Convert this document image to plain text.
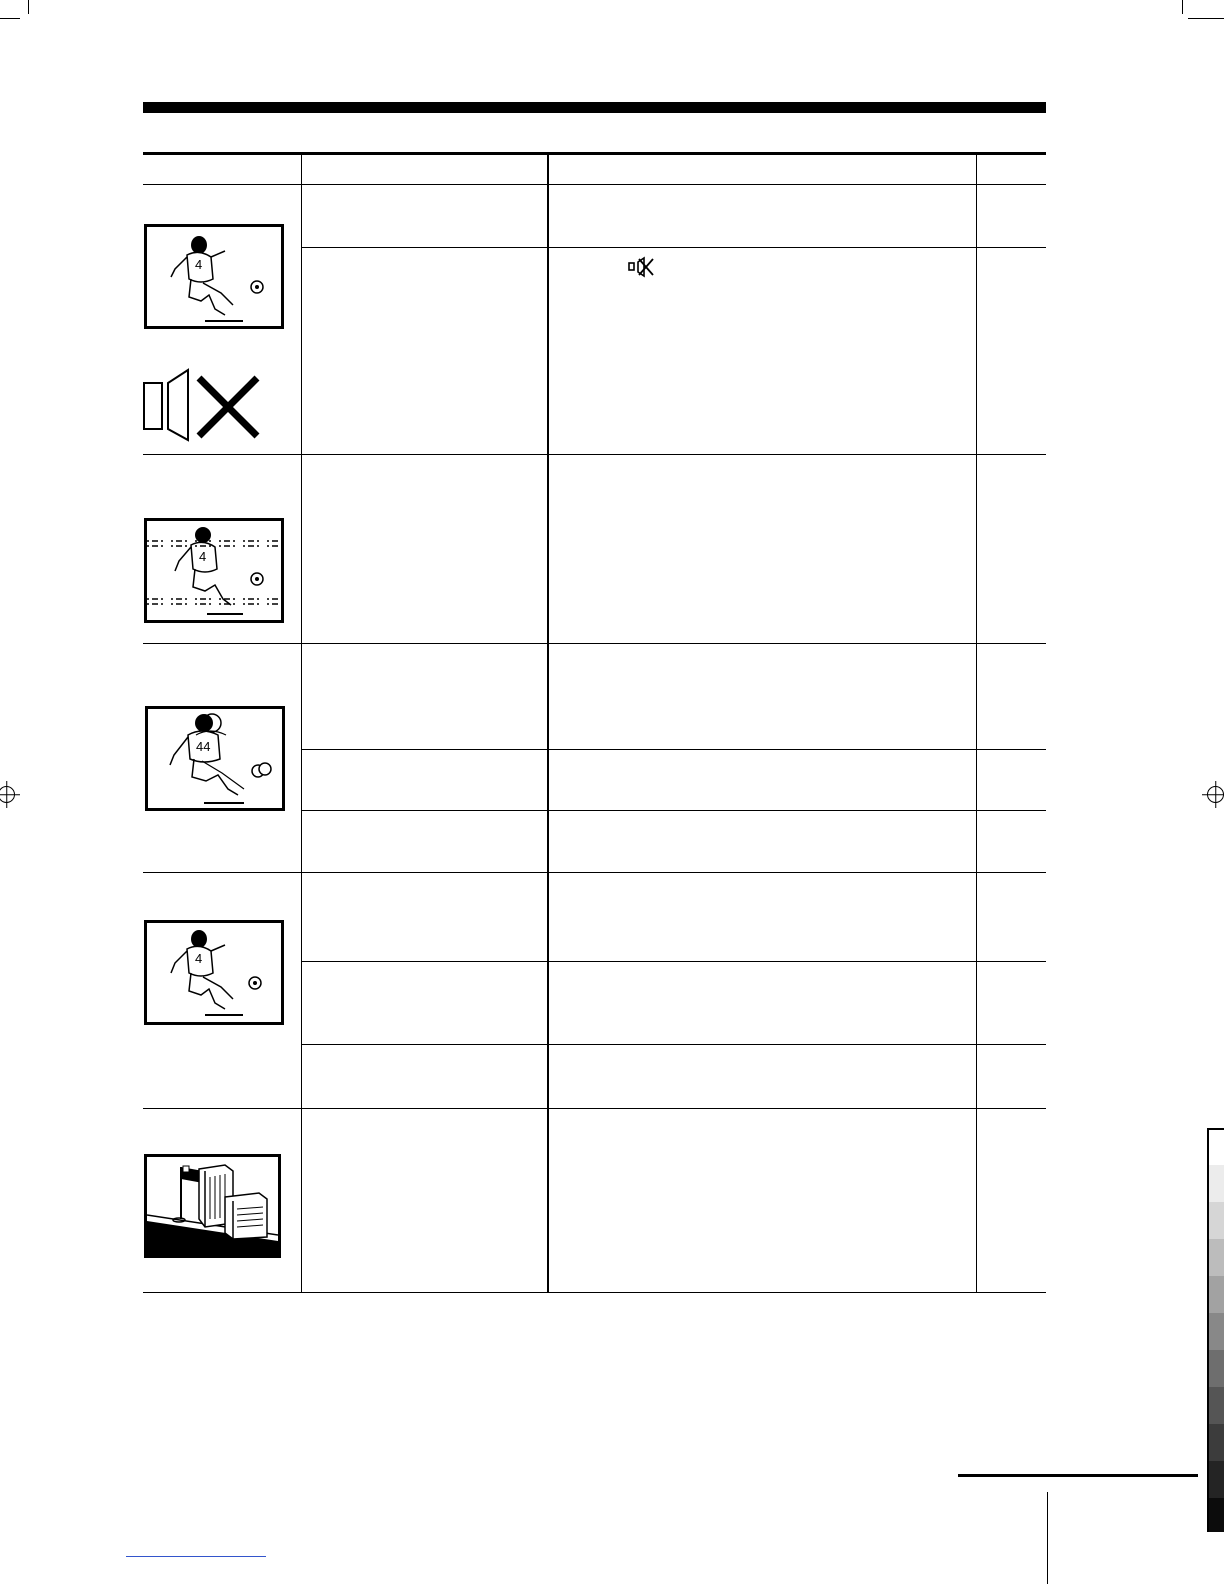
4
4
44
4
